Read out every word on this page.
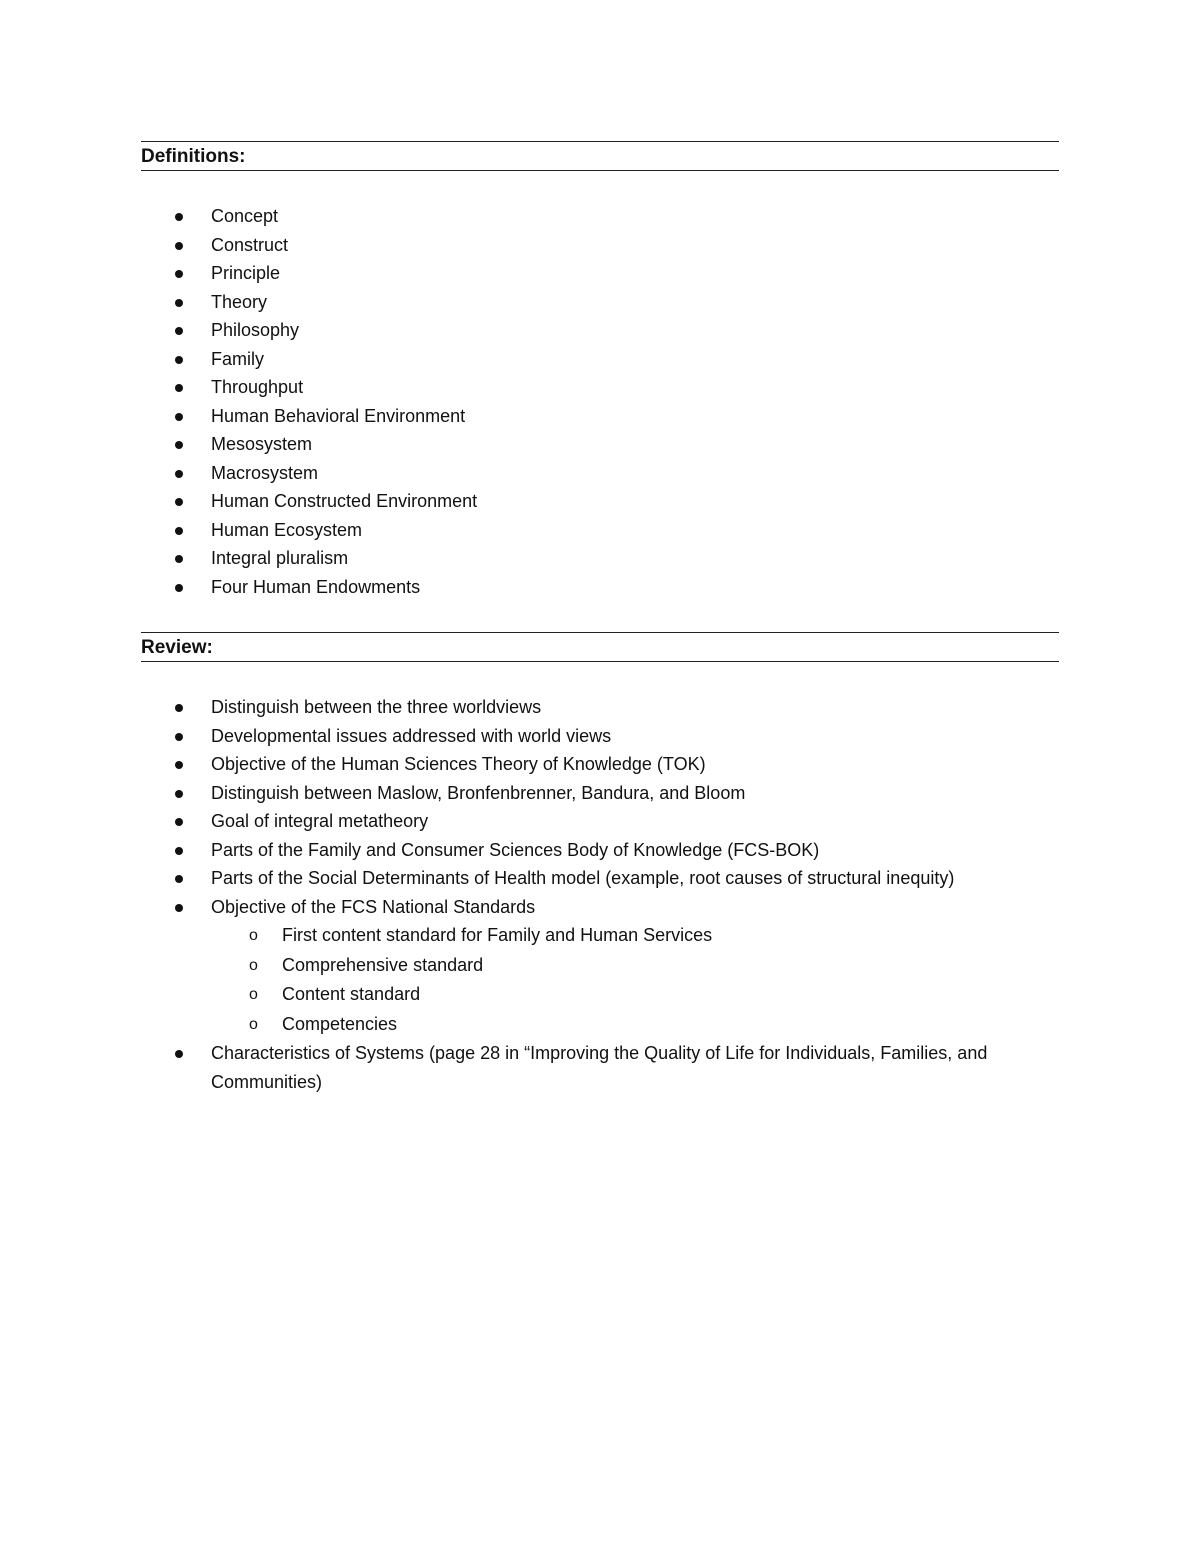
Definitions:
Concept
Construct
Principle
Theory
Philosophy
Family
Throughput
Human Behavioral Environment
Mesosystem
Macrosystem
Human Constructed Environment
Human Ecosystem
Integral pluralism
Four Human Endowments
Review:
Distinguish between the three worldviews
Developmental issues addressed with world views
Objective of the Human Sciences Theory of Knowledge (TOK)
Distinguish between Maslow, Bronfenbrenner, Bandura, and Bloom
Goal of integral metatheory
Parts of the Family and Consumer Sciences Body of Knowledge (FCS-BOK)
Parts of the Social Determinants of Health model (example, root causes of structural inequity)
Objective of the FCS National Standards
o First content standard for Family and Human Services
o Comprehensive standard
o Content standard
o Competencies
Characteristics of Systems (page 28 in “Improving the Quality of Life for Individuals, Families, and Communities)
